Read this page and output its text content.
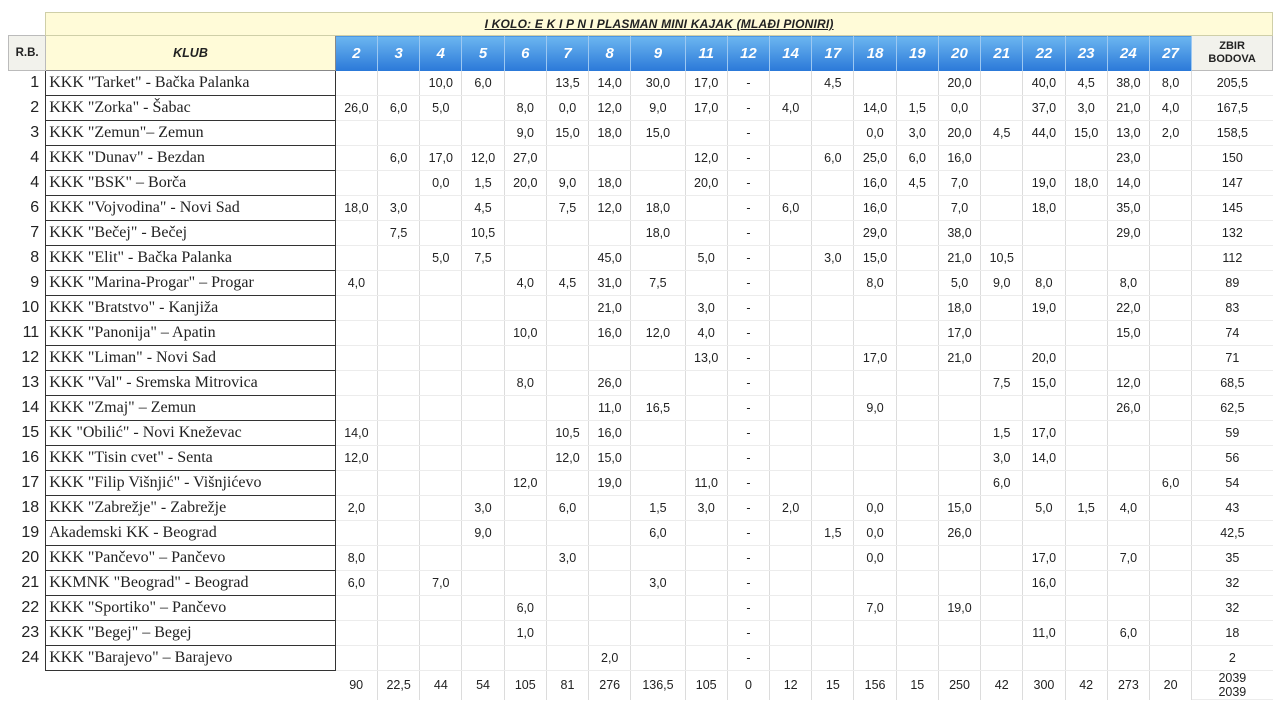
	I KOLO: E K I P N I PLASMAN MINI KAJAK (MLAĐI PIONIRI)																					
R.B.	KLUB	2	3	4	5	6	7	8	9	11	12	14	17	18	19	20	21	22	23	24	27	ZBIR
BODOVA

1	KKK "Tarket" - Bačka Palanka			10,0	6,0		13,5	14,0	30,0	17,0	-		4,5			20,0		40,0	4,5	38,0	8,0	205,5
2	KKK "Zorka" - Šabac	26,0	6,0	5,0		8,0	0,0	12,0	9,0	17,0	-	4,0		14,0	1,5	0,0		37,0	3,0	21,0	4,0	167,5
3	KKK "Zemun"– Zemun					9,0	15,0	18,0	15,0		-			0,0	3,0	20,0	4,5	44,0	15,0	13,0	2,0	158,5
4	KKK "Dunav" - Bezdan		6,0	17,0	12,0	27,0				12,0	-		6,0	25,0	6,0	16,0				23,0		150
4	KKK "BSK" – Borča			0,0	1,5	20,0	9,0	18,0		20,0	-			16,0	4,5	7,0		19,0	18,0	14,0		147
6	KKK "Vojvodina" - Novi Sad	18,0	3,0		4,5		7,5	12,0	18,0		-	6,0		16,0		7,0		18,0		35,0		145
7	KKK "Bečej" - Bečej		7,5		10,5				18,0		-			29,0		38,0				29,0		132
8	KKK "Elit" - Bačka Palanka			5,0	7,5			45,0		5,0	-		3,0	15,0		21,0	10,5					112
9	KKK "Marina-Progar" – Progar	4,0				4,0	4,5	31,0	7,5		-			8,0		5,0	9,0	8,0		8,0		89
10	KKK "Bratstvo" - Kanjiža							21,0		3,0	-					18,0		19,0		22,0		83
11	KKK "Panonija" – Apatin					10,0		16,0	12,0	4,0	-					17,0				15,0		74
12	KKK "Liman" - Novi Sad									13,0	-			17,0		21,0		20,0				71
13	KKK "Val" - Sremska Mitrovica					8,0		26,0			-						7,5	15,0		12,0		68,5
14	KKK "Zmaj" – Zemun							11,0	16,5		-			9,0						26,0		62,5
15	KK "Obilić" - Novi Kneževac	14,0					10,5	16,0			-						1,5	17,0				59
16	KKK "Tisin cvet" - Senta	12,0					12,0	15,0			-						3,0	14,0				56
17	KKK "Filip Višnjić" - Višnjićevo					12,0		19,0		11,0	-						6,0				6,0	54
18	KKK "Zabrežje" - Zabrežje	2,0			3,0		6,0		1,5	3,0	-	2,0		0,0		15,0		5,0	1,5	4,0		43
19	Akademski KK - Beograd				9,0				6,0		-		1,5	0,0		26,0						42,5
20	KKK "Pančevo" – Pančevo	8,0					3,0				-			0,0				17,0		7,0		35
21	KKMNK "Beograd" - Beograd	6,0		7,0					3,0		-							16,0				32
22	KKK "Sportiko" – Pančevo					6,0					-			7,0		19,0						32
23	KKK "Begej" – Begej					1,0					-							11,0		6,0		18
24	KKK "Barajevo" – Barajevo							2,0			-											2
		90	22,5	44	54	105	81	276	136,5	105	0	12	15	156	15	250	42	300	42	273	20	2039
2039
